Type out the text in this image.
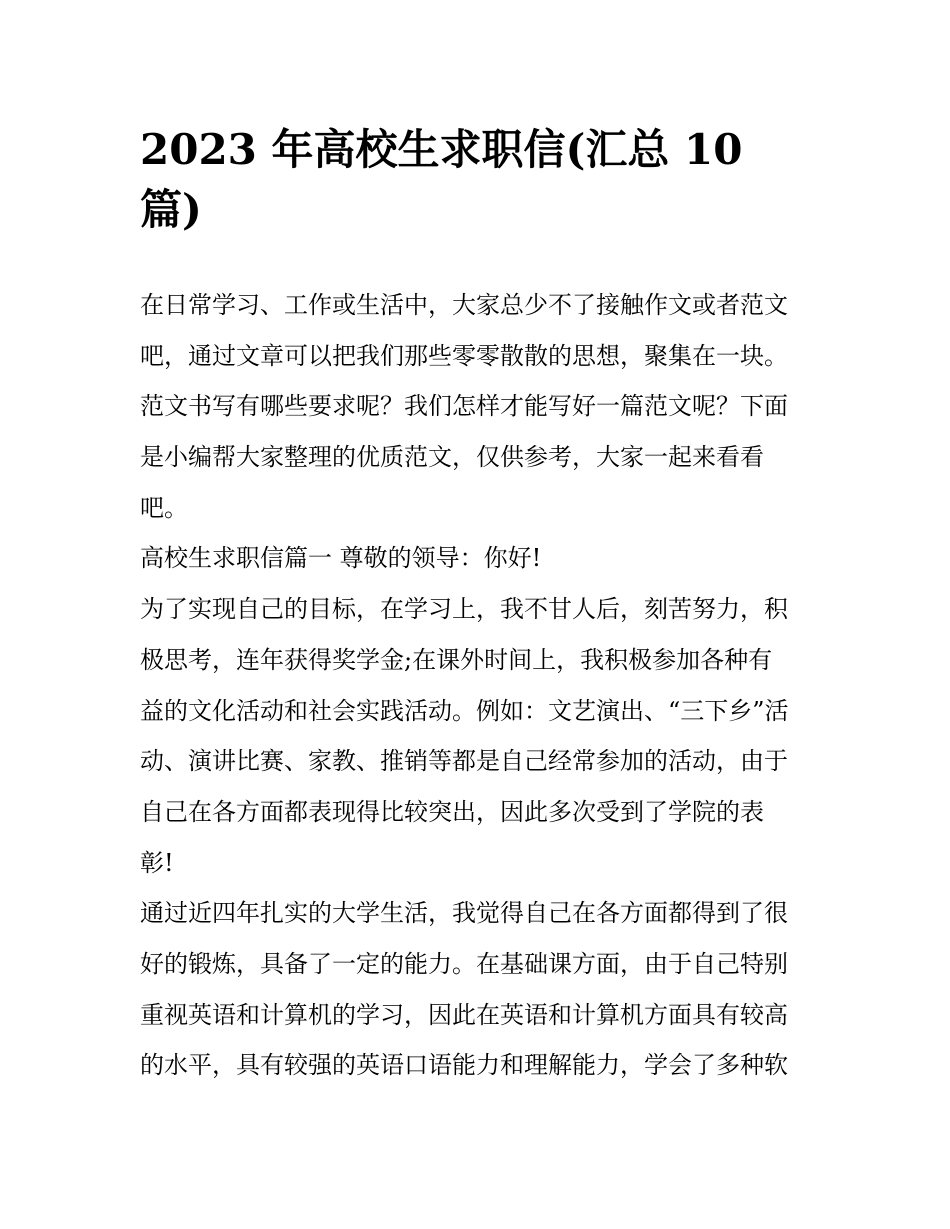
2023 年高校生求职信(汇总 10
篇)
在日常学习、工作或生活中，大家总少不了接触作文或者范文
吧，通过文章可以把我们那些零零散散的思想，聚集在一块。
范文书写有哪些要求呢？我们怎样才能写好一篇范文呢？下面
是小编帮大家整理的优质范文，仅供参考，大家一起来看看
吧。
高校生求职信篇一 尊敬的领导：你好!
为了实现自己的目标，在学习上，我不甘人后，刻苦努力，积
极思考，连年获得奖学金;在课外时间上，我积极参加各种有
益的文化活动和社会实践活动。例如：文艺演出、“三下乡”活
动、演讲比赛、家教、推销等都是自己经常参加的活动，由于
自己在各方面都表现得比较突出，因此多次受到了学院的表
彰!
通过近四年扎实的大学生活，我觉得自己在各方面都得到了很
好的锻炼，具备了一定的能力。在基础课方面，由于自己特别
重视英语和计算机的学习，因此在英语和计算机方面具有较高
的水平，具有较强的英语口语能力和理解能力，学会了多种软
